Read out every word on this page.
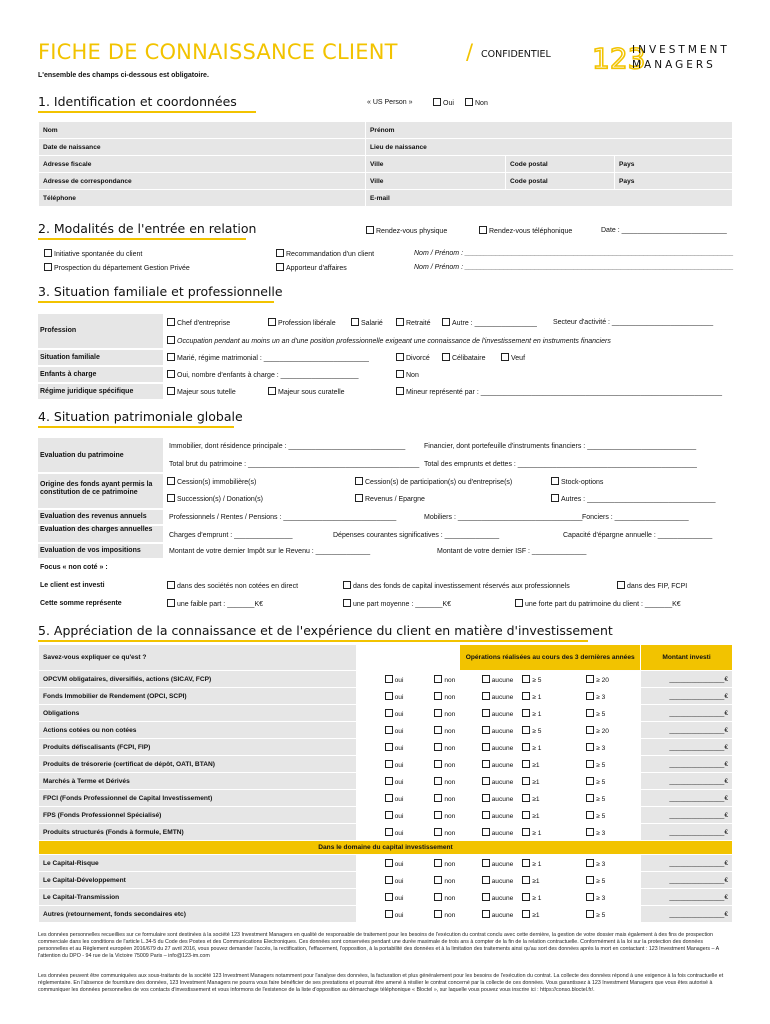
FICHE DE CONNAISSANCE CLIENT	/ CONFIDENTIEL
L'ensemble des champs ci-dessous est obligatoire.
123
INVESTMENT
MANAGERS
1. Identification et coordonnées	« US Person »	Oui	Non
Nom	Prénom		
Date de naissance	Lieu de naissance		
Adresse fiscale	Ville	Code postal	Pays
Adresse de correspondance	Ville	Code postal	Pays
Téléphone	E-mail		
2. Modalités de l'entrée en relation	Rendez-vous physique	Rendez-vous téléphonique	Date : ___________________________
Initiative spontanée du client	Recommandation d'un client	Nom / Prénom : _____________________________________________________________________
Prospection du département Gestion Privée	Apporteur d'affaires	Nom / Prénom : _____________________________________________________________________
3. Situation familiale et professionnelle
Profession
Chef d'entreprise	Profession libérale	Salarié	Retraité	Autre : ________________ Secteur d'activité : __________________________
Occupation pendant au moins un an d'une position professionnelle exigeant une connaissance de l'investissement en instruments financiers
Situation familiale	Marié, régime matrimonial : ___________________________	Divorcé	Célibataire	Veuf
Enfants à charge	Oui, nombre d'enfants à charge : ____________________	Non
Régime juridique spécifique	Majeur sous tutelle	Majeur sous curatelle	Mineur représenté par : ______________________________________________________________
4. Situation patrimoniale globale
Evaluation du patrimoine
Immobilier, dont résidence principale : ______________________________	Financier, dont portefeuille d'instruments financiers : ____________________________
Total brut du patrimoine : ____________________________________________ Total des emprunts et dettes : ______________________________________________
Origine des fonds ayant permis la constitution de ce patrimoine
Cession(s) immobilière(s)	Cession(s) de participation(s) ou d'entreprise(s)	Stock-options
Succession(s) / Donation(s)	Revenus / Epargne	Autres : _________________________________
Evaluation des revenus annuels	Professionnels / Rentes / Pensions : _____________________________	Mobiliers : ________________________________ Fonciers : ___________________
Evaluation des charges annuelles
Charges d'emprunt : _______________	Dépenses courantes significatives : ______________	Capacité d'épargne annuelle : ______________
Evaluation de vos impositions	Montant de votre dernier Impôt sur le Revenu : ______________	Montant de votre dernier ISF : ______________
Focus « non coté » :
Le client est investi	dans des sociétés non cotées en direct	dans des fonds de capital investissement réservés aux professionnels	dans des FIP, FCPI
Cette somme représente	une faible part : _______K€	une part moyenne : _______K€	une forte part du patrimoine du client : _______K€
5. Appréciation de la connaissance et de l'expérience du client en matière d'investissement
Savez-vous expliquer ce qu'est ?			Opérations réalisées au cours des 3 dernières années			Montant investi
OPCVM obligataires, diversifiés, actions (SICAV, FCP)	oui	non	aucune	≥ 5	≥ 20	_______________€
Fonds Immobilier de Rendement (OPCI, SCPI)	oui	non	aucune	≥ 1	≥ 3	_______________€
Obligations	oui	non	aucune	≥ 1	≥ 5	_______________€
Actions cotées ou non cotées	oui	non	aucune	≥ 5	≥ 20	_______________€
Produits défiscalisants (FCPI, FIP)	oui	non	aucune	≥ 1	≥ 3	_______________€
Produits de trésorerie (certificat de dépôt, OATI, BTAN)	oui	non	aucune	≥1	≥ 5	_______________€
Marchés à Terme et Dérivés	oui	non	aucune	≥1	≥ 5	_______________€
FPCI (Fonds Professionnel de Capital Investissement)	oui	non	aucune	≥1	≥ 5	_______________€
FPS (Fonds Professionnel Spécialisé)	oui	non	aucune	≥1	≥ 5	_______________€
Produits structurés (Fonds à formule, EMTN)	oui	non	aucune	≥ 1	≥ 3	_______________€
Dans le domaine du capital investissement						
Le Capital-Risque	oui	non	aucune	≥ 1	≥ 3	_______________€
Le Capital-Développement	oui	non	aucune	≥1	≥ 5	_______________€
Le Capital-Transmission	oui	non	aucune	≥ 1	≥ 3	_______________€
Autres (retournement, fonds secondaires etc)	oui	non	aucune	≥1	≥ 5	_______________€
Les données personnelles recueillies sur ce formulaire sont destinées à la société 123 Investment Managers en qualité de responsable de traitement pour les besoins de l'exécution du contrat conclu avec cette dernière, la gestion de votre dossier mais également à des fins de prospection commerciale dans les conditions de l'article L.34-5 du Code des Postes et des Communications Electroniques. Ces données sont conservées pendant une durée maximale de trois ans à compter de la fin de la relation contractuelle. Conformément à la loi sur la protection des données personnelles et au Règlement européen 2016/679 du 27 avril 2016, vous pouvez demander l'accès, la rectification, l'effacement, l'opposition, à la portabilité des données et à la limitation des traitements ainsi qu'au sort des données après la mort en contactant : 123 Investment Managers – A l'attention du DPO - 94 rue de la Victoire 75009 Paris – info@123-im.com
Les données peuvent être communiquées aux sous-traitants de la société 123 Investment Managers notamment pour l'analyse des données, la facturation et plus généralement pour les besoins de l'exécution du contrat. La collecte des données répond à une exigence à la fois contractuelle et réglementaire. En l'absence de fourniture des données, 123 Investment Managers ne pourra vous faire bénéficier de ses prestations et pourrait être amené à résilier le contrat concerné par la collecte de ces données. Vous garantissez à 123 Investment Managers que vous êtes autorisé à communiquer les données personnelles de vos contacts d'investissement et vous informons de l'existence de la liste d'opposition au démarchage téléphonique « Bloctel », sur laquelle vous pouvez vous inscrire ici : https://conso.bloctel.fr/.
